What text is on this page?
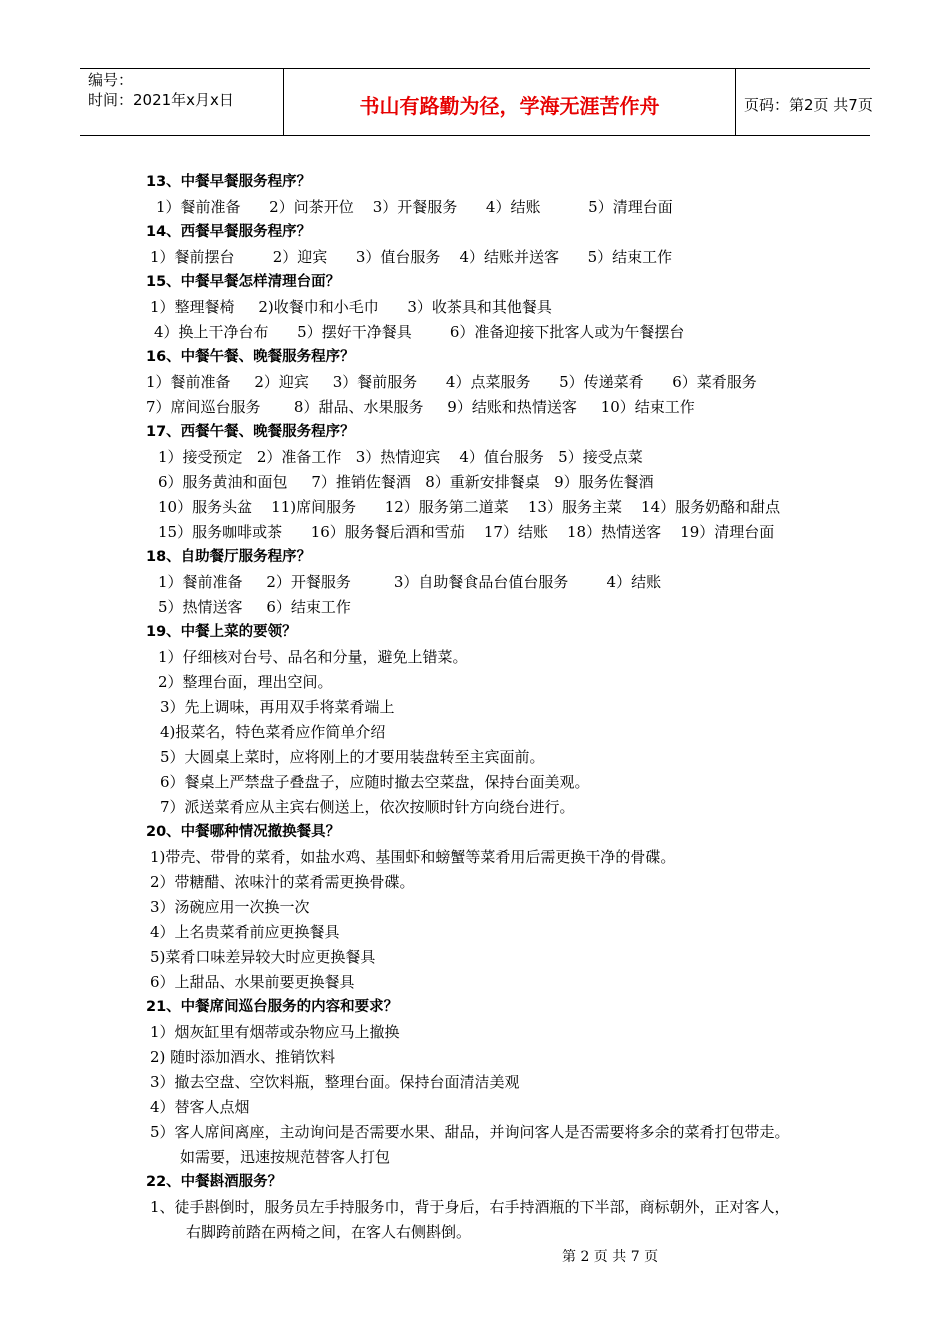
编号：
时间：2021年x月x日	书山有路勤为径，学海无涯苦作舟	页码：第2页 共7页
13、中餐早餐服务程序？
1）餐前准备      2）问茶开位    3）开餐服务      4）结账          5）清理台面
14、西餐早餐服务程序？
1）餐前摆台        2）迎宾      3）值台服务    4）结账并送客      5）结束工作
15、中餐早餐怎样清理台面？
1）整理餐椅     2)收餐巾和小毛巾      3）收茶具和其他餐具
4）换上干净台布      5）摆好干净餐具        6）准备迎接下批客人或为午餐摆台
16、中餐午餐、晚餐服务程序？
1）餐前准备     2）迎宾     3）餐前服务      4）点菜服务      5）传递菜肴      6）菜肴服务
7）席间巡台服务       8）甜品、水果服务     9）结账和热情送客     10）结束工作
17、西餐午餐、晚餐服务程序？
1）接受预定   2）准备工作   3）热情迎宾    4）值台服务   5）接受点菜
6）服务黄油和面包     7）推销佐餐酒   8）重新安排餐桌   9）服务佐餐酒
10）服务头盆    11)席间服务      12）服务第二道菜    13）服务主菜    14）服务奶酪和甜点
15）服务咖啡或茶      16）服务餐后酒和雪茄    17）结账    18）热情送客    19）清理台面
18、自助餐厅服务程序？
1）餐前准备     2）开餐服务         3）自助餐食品台值台服务        4）结账
5）热情送客     6）结束工作
19、中餐上菜的要领？
1）仔细核对台号、品名和分量，避免上错菜。
2）整理台面，理出空间。
3）先上调味，再用双手将菜肴端上
4)报菜名，特色菜肴应作简单介绍
5）大圆桌上菜时，应将刚上的才要用装盘转至主宾面前。
6）餐桌上严禁盘子叠盘子，应随时撤去空菜盘，保持台面美观。
7）派送菜肴应从主宾右侧送上，依次按顺时针方向绕台进行。
20、中餐哪种情况撤换餐具？
1)带壳、带骨的菜肴，如盐水鸡、基围虾和螃蟹等菜肴用后需更换干净的骨碟。
2）带糖醋、浓味汁的菜肴需更换骨碟。
3）汤碗应用一次换一次
4）上名贵菜肴前应更换餐具
5)菜肴口味差异较大时应更换餐具
6）上甜品、水果前要更换餐具
21、中餐席间巡台服务的内容和要求？
1）烟灰缸里有烟蒂或杂物应马上撤换
2) 随时添加酒水、推销饮料
3）撤去空盘、空饮料瓶，整理台面。保持台面清洁美观
4）替客人点烟
5）客人席间离座，主动询问是否需要水果、甜品，并询问客人是否需要将多余的菜肴打包带走。
如需要，迅速按规范替客人打包
22、中餐斟酒服务？
1、徒手斟倒时，服务员左手持服务巾，背于身后，右手持酒瓶的下半部，商标朝外，正对客人，
右脚跨前踏在两椅之间，在客人右侧斟倒。
第 2 页 共 7 页
